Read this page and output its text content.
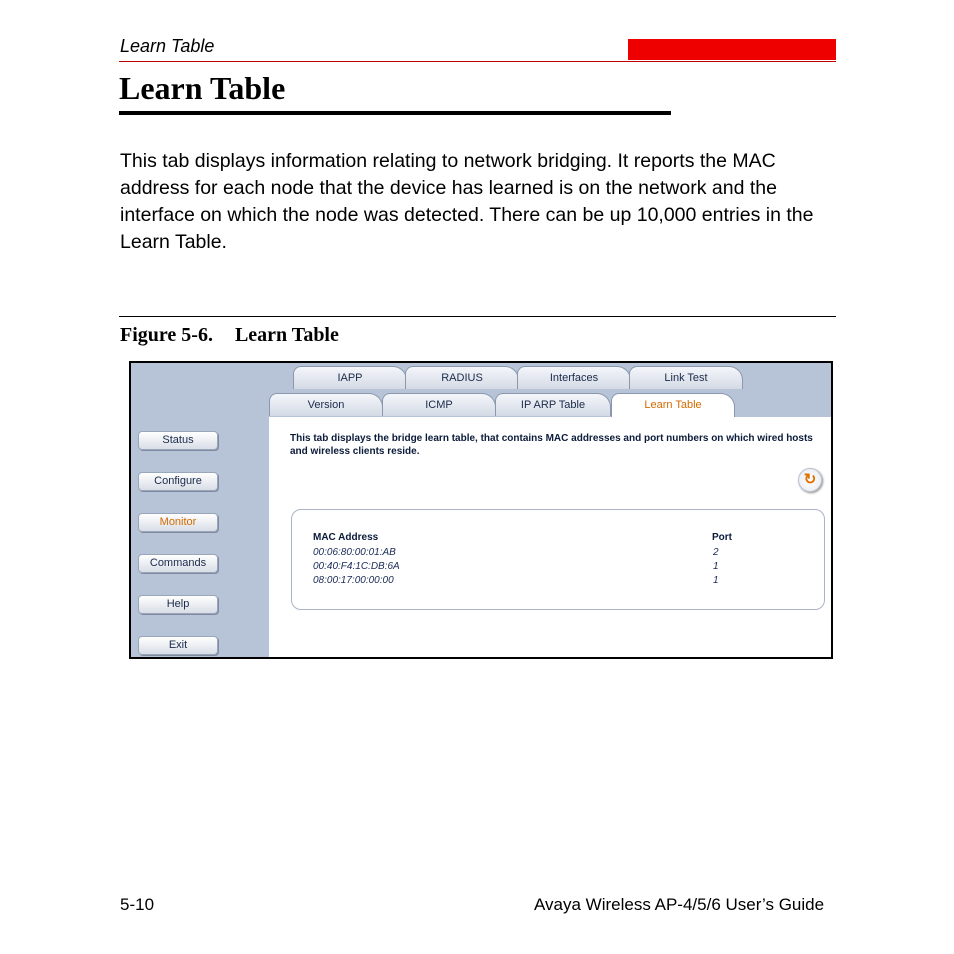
Learn Table
Learn Table

This tab displays information relating to network bridging. It reports the MAC address for each node that the device has learned is on the network and the interface on which the node was detected. There can be up 10,000 entries in the Learn Table.

Figure 5-6. Learn Table
Status
Configure
Monitor
Commands
Help
Exit
IAPP	RADIUS	Interfaces	Link Test
Version	ICMP	IP ARP Table	Learn Table
This tab displays the bridge learn table, that contains MAC addresses and port numbers on which wired hosts and wireless clients reside.
↻
MAC Address	Port
00:06:80:00:01:AB	2
00:40:F4:1C:DB:6A	1
08:00:17:00:00:00	1
5-10	Avaya Wireless AP-4/5/6 User’s Guide
